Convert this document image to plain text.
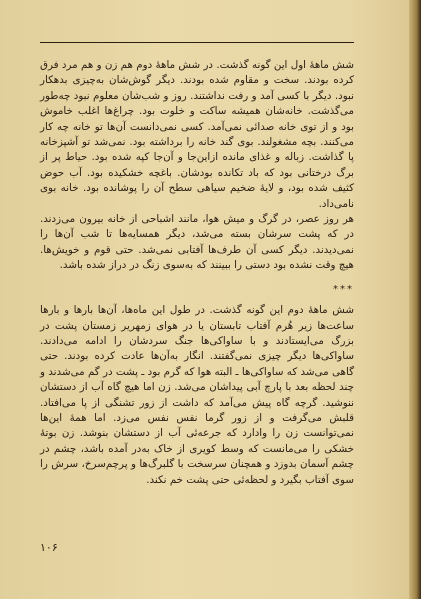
شش ماههٔ اول این گونه گذشت. در شش ماههٔ دوم هم زن و هم مرد فرق کرده بودند. سخت و مقاوم شده بودند. دیگر گوش‌شان به‌چیزی بدهکار نبود. دیگر با کسی آمد و رفت نداشتند. روز و شب‌شان معلوم نبود چه‌طور می‌گذشت. خانه‌شان همیشه ساکت و خلوت بود. چراغ‌ها اغلب خاموش بود و از توی خانه صدائی نمی‌آمد. کسی نمی‌دانست آن‌ها تو خانه چه کار می‌کنند. بچه مشغولند. بوی گند خانه را برداشته بود. نمی‌شد تو آشپزخانه پا گذاشت. زباله و غذای مانده ازاین‌جا و آن‌جا کپه شده بود. حیاط پر از برگ درختانی بود که باد تکانده بودشان. باغچه خشکیده بود. آب حوض کثیف شده بود، و لایهٔ ضخیم سیاهی سطح آن را پوشانده بود. خانه بوی نامی‌داد.

هر روز عصر، در گرگ و میش هوا، مانند اشباحی از خانه بیرون می‌زدند. در که پشت سرشان بسته می‌شد، دیگر همسایه‌ها تا شب آن‌ها را نمی‌دیدند. دیگر کسی آن طرف‌ها آفتابی نمی‌شد. حتی قوم و خویش‌ها. هیچ وقت نشده بود دستی را ببینند که به‌سوی زنگ در دراز شده باشد.

***

شش ماههٔ دوم این گونه گذشت. در طول این ماه‌ها، آن‌ها بارها و بارها ساعت‌ها زیر هُرم آفتاب تابستان یا در هوای زمهریر زمستان پشت در بزرگ می‌ایستادند و با ساواکی‌ها جنگ سردشان را ادامه می‌دادند. ساواکی‌ها دیگر چیزی نمی‌گفتند. انگار به‌آن‌ها عادت کرده بودند. حتی گاهی می‌شد که ساواکی‌ها ـ البته هوا که گرم بود ـ پشت در گم می‌شدند و چند لحظه بعد با پارچ آبی پیداشان می‌شد. زن اما هیچ گاه آب از دستشان ننوشید. گرچه گاه پیش می‌آمد که داشت از زور تشنگی از پا می‌افتاد. قلبش می‌گرفت و از زور گرما نفس نفس می‌زد. اما همهٔ این‌ها نمی‌توانست زن را وادارد که جرعه‌ئی آب از دستشان بنوشد. زن بوتهٔ خشکی را می‌مانست که وسط کویری از خاک به‌در آمده باشد، چشم در چشم آسمان بدوزد و همچنان سرسخت با گلبرگ‌ها و پرچم‌سرخ، سرش را سوی آفتاب بگیرد و لحظه‌ئی حتی پشت خم نکند.

۱۰۶
